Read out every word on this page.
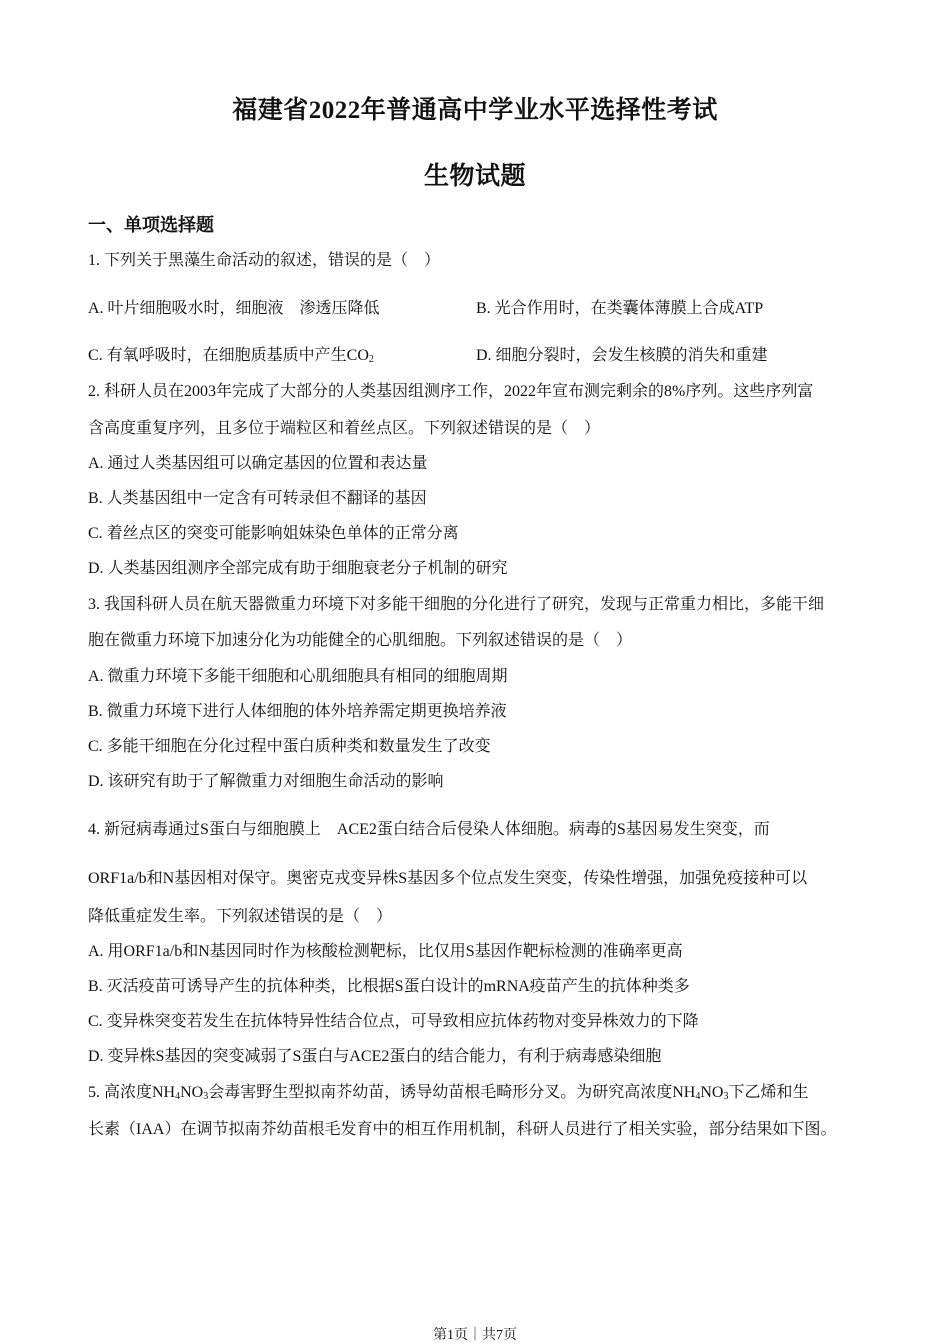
福建省2022年普通高中学业水平选择性考试
生物试题
一、单项选择题
1. 下列关于黑藻生命活动的叙述，错误的是（　）
A. 叶片细胞吸水时，细胞液　渗透压降低	B. 光合作用时，在类囊体薄膜上合成ATP
C. 有氧呼吸时，在细胞质基质中产生$CO_2$	D. 细胞分裂时，会发生核膜的消失和重建
2. 科研人员在2003年完成了大部分的人类基因组测序工作，2022年宣布测完剩余的8%序列。这些序列富
含高度重复序列，且多位于端粒区和着丝点区。下列叙述错误的是（　）
A. 通过人类基因组可以确定基因的位置和表达量
B. 人类基因组中一定含有可转录但不翻译的基因
C. 着丝点区的突变可能影响姐妹染色单体的正常分离
D. 人类基因组测序全部完成有助于细胞衰老分子机制的研究
3. 我国科研人员在航天器微重力环境下对多能干细胞的分化进行了研究，发现与正常重力相比，多能干细
胞在微重力环境下加速分化为功能健全的心肌细胞。下列叙述错误的是（　）
A. 微重力环境下多能干细胞和心肌细胞具有相同的细胞周期
B. 微重力环境下进行人体细胞的体外培养需定期更换培养液
C. 多能干细胞在分化过程中蛋白质种类和数量发生了改变
D. 该研究有助于了解微重力对细胞生命活动的影响
4. 新冠病毒通过S蛋白与细胞膜上　ACE2蛋白结合后侵染人体细胞。病毒的S基因易发生突变，而
ORF1a/b和N基因相对保守。奥密克戎变异株S基因多个位点发生突变，传染性增强，加强免疫接种可以
降低重症发生率。下列叙述错误的是（　）
A. 用ORF1a/b和N基因同时作为核酸检测靶标，比仅用S基因作靶标检测的准确率更高
B. 灭活疫苗可诱导产生的抗体种类，比根据S蛋白设计的mRNA疫苗产生的抗体种类多
C. 变异株突变若发生在抗体特异性结合位点，可导致相应抗体药物对变异株效力的下降
D. 变异株S基因的突变减弱了S蛋白与ACE2蛋白的结合能力，有利于病毒感染细胞
5. 高浓度$NH_4NO_3$会毒害野生型拟南芥幼苗，诱导幼苗根毛畸形分叉。为研究高浓度$NH_4NO_3$下乙烯和生
长素（IAA）在调节拟南芥幼苗根毛发育中的相互作用机制，科研人员进行了相关实验，部分结果如下图。
第1页｜共7页
